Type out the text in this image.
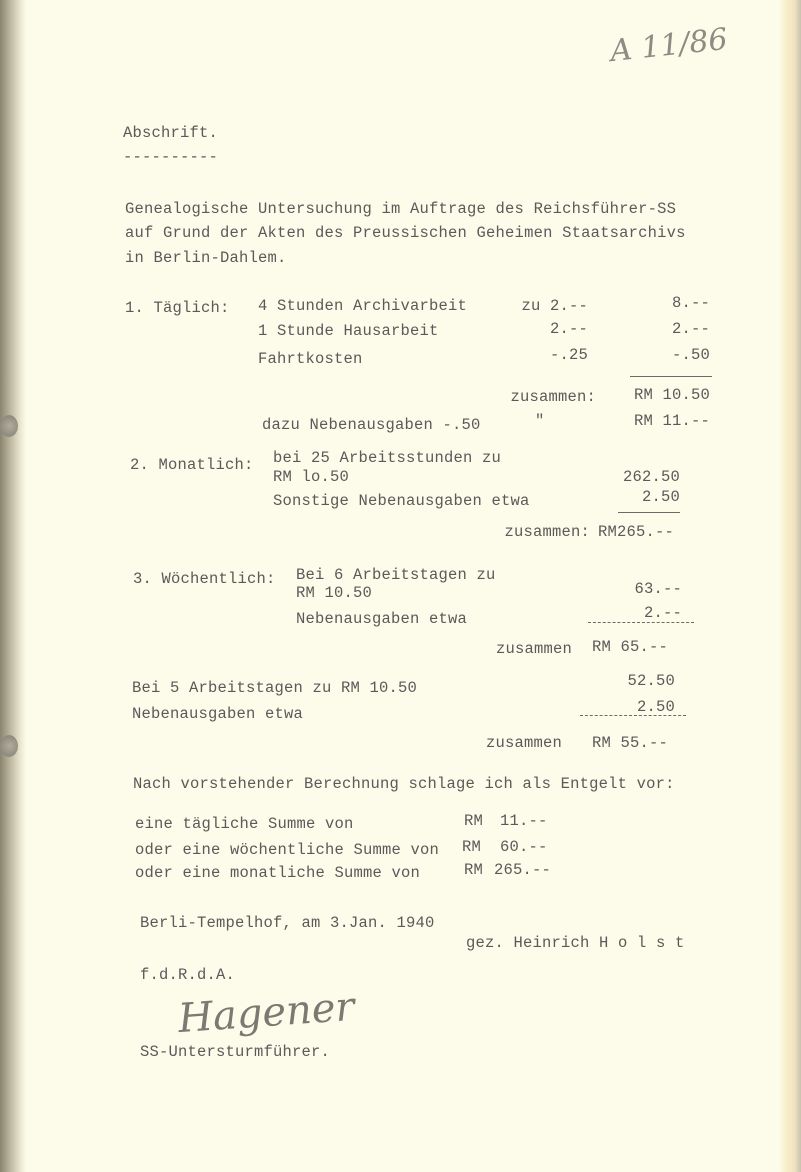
A 11/86
Abschrift.
----------
Genealogische Untersuchung im Auftrage des Reichsführer-SS
auf Grund der Akten des Preussischen Geheimen Staatsarchivs
in Berlin-Dahlem.
1. Täglich: 4 Stunden Archivarbeit	zu 2.--	8.--
1 Stunde Hausarbeit	2.--	2.--
Fahrtkosten	-.25	-.50
zusammen:	RM 10.50
dazu Nebenausgaben -.50	"	RM 11.--
2. Monatlich: bei 25 Arbeitsstunden zu
RM lo.50	262.50
Sonstige Nebenausgaben etwa	2.50
zusammen: RM265.--
3. Wöchentlich: Bei 6 Arbeitstagen zu
RM 10.50	63.--
Nebenausgaben etwa	2.--
zusammen RM 65.--
Bei 5 Arbeitstagen zu RM 10.50	52.50
Nebenausgaben etwa	2.50
zusammen RM 55.--
Nach vorstehender Berechnung schlage ich als Entgelt vor:
eine tägliche Summe von	RM 11.--
oder eine wöchentliche Summe von RM 60.--
oder eine monatliche Summe von	RM 265.--
Berli-Tempelhof, am 3.Jan. 1940
gez. Heinrich H o l s t
f.d.R.d.A.
Hagener
SS-Untersturmführer.
